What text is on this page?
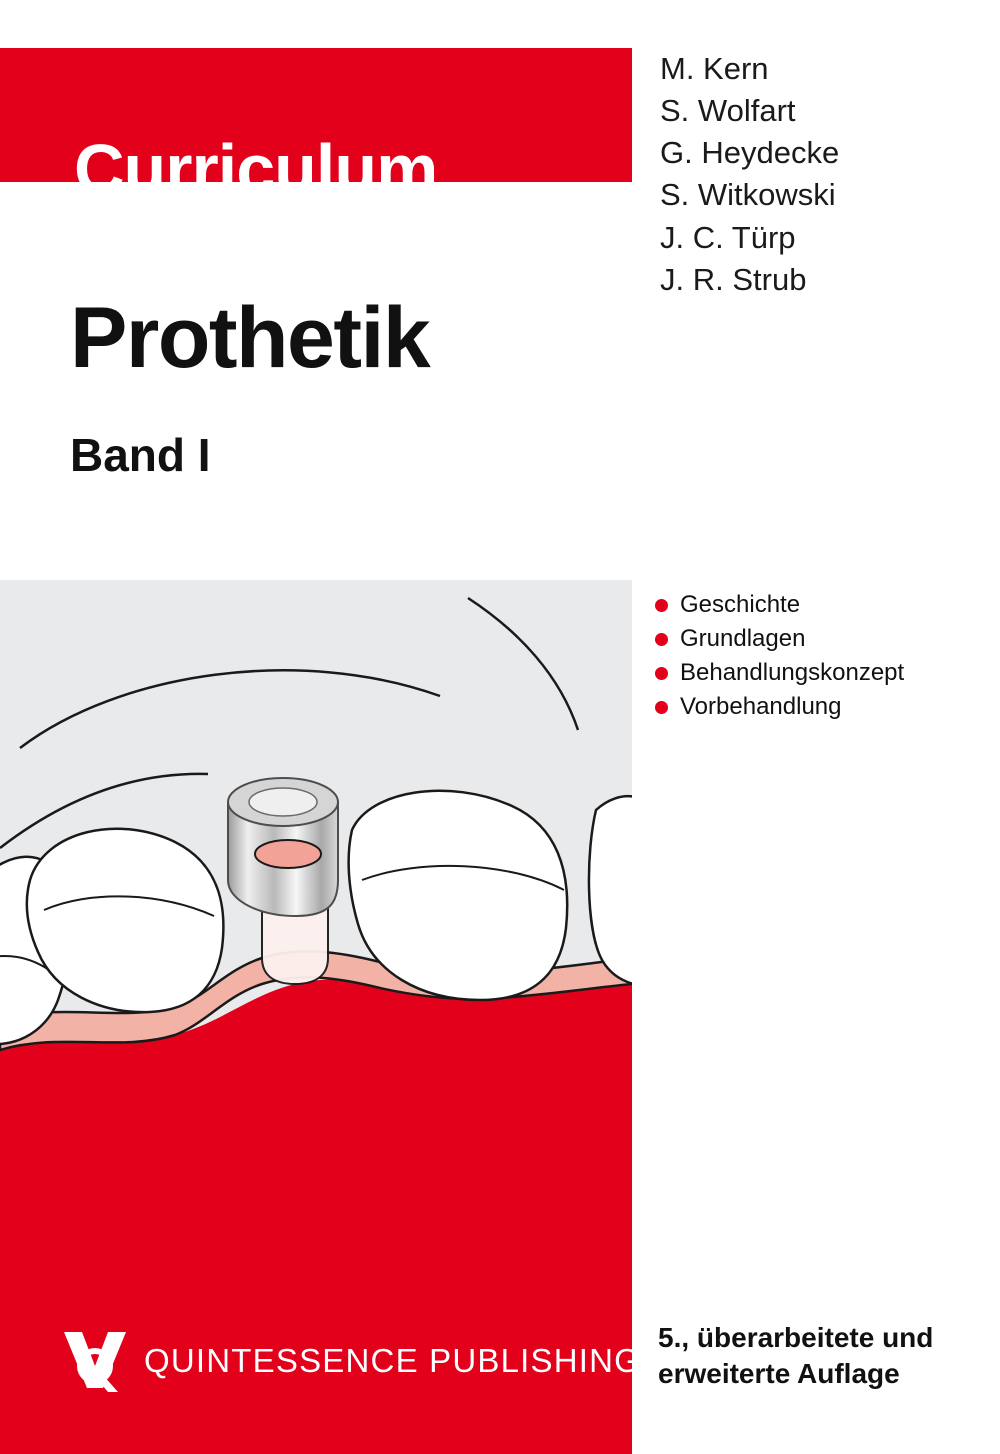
Curriculum
M. Kern
S. Wolfart
G. Heydecke
S. Witkowski
J. C. Türp
J. R. Strub
Prothetik
Band I
Geschichte
Grundlagen
Behandlungskonzept
Vorbehandlung
QUINTESSENCE PUBLISHING
5., überarbeitete und
erweiterte Auflage
